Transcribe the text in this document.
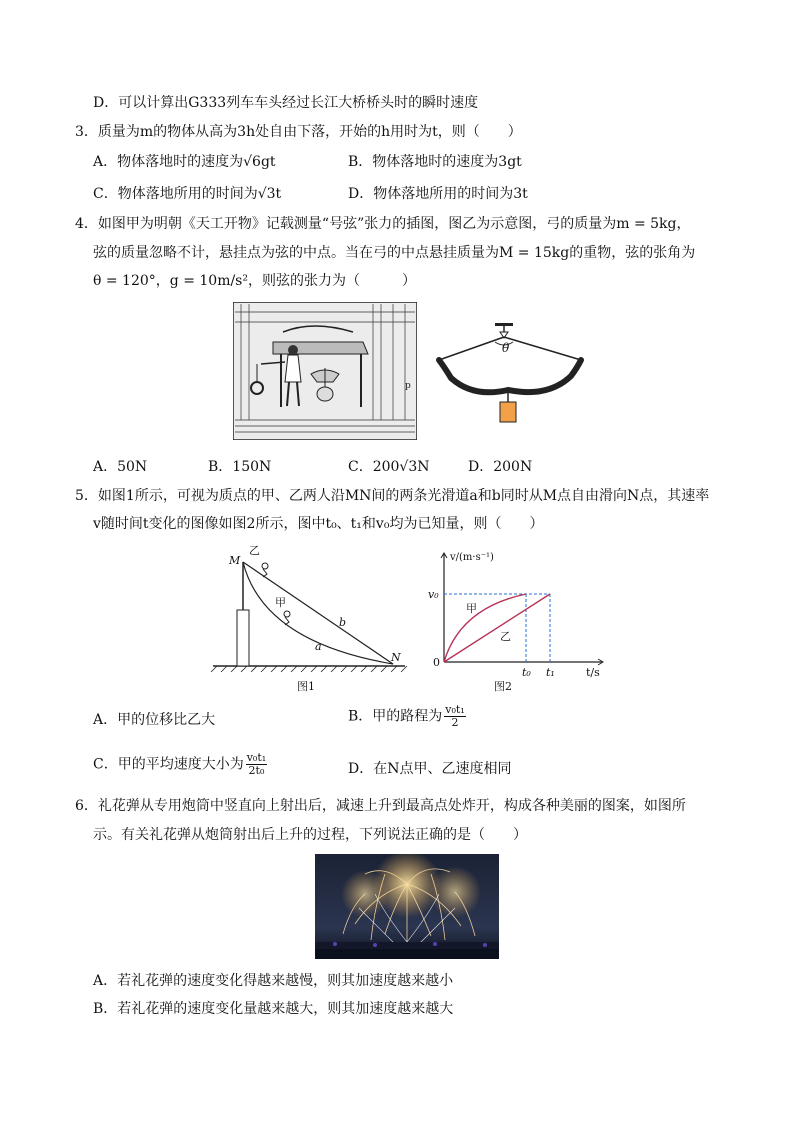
D．可以计算出G333列车车头经过长江大桥桥头时的瞬时速度
3．质量为m的物体从高为3h处自由下落，开始的h用时为t，则（　　）
A．物体落地时的速度为√6gt	B．物体落地时的速度为3gt
C．物体落地所用的时间为√3t	D．物体落地所用的时间为3t
4．如图甲为明朝《天工开物》记载测量“号弦”张力的插图，图乙为示意图，弓的质量为m = 5kg，
弦的质量忽略不计，悬挂点为弦的中点。当在弓的中点悬挂质量为M = 15kg的重物，弦的张角为
θ = 120°，g = 10m/s²，则弦的张力为（　　　）
p
θ
A．50N	B．150N	C．200√3N	D．200N
5．如图1所示，可视为质点的甲、乙两人沿MN间的两条光滑道a和b同时从M点自由滑向N点，其速率
v随时间t变化的图像如图2所示，图中t₀、t₁和v₀均为已知量，则（　　）
M
N
b
a
甲
乙
图1
v/(m·s⁻¹)
v₀
0
t₀ t₁	t/s
甲
乙
图2
A．甲的位移比乙大	B．甲的路程为 $\frac{\text{v₀t₁}}{2}$
C．甲的平均速度大小为 $\frac{\text{v₀t₁}}{\text{2t₀}}$	D．在N点甲、乙速度相同
6．礼花弹从专用炮筒中竖直向上射出后，减速上升到最高点处炸开，构成各种美丽的图案，如图所
示。有关礼花弹从炮筒射出后上升的过程，下列说法正确的是（　　）
A．若礼花弹的速度变化得越来越慢，则其加速度越来越小
B．若礼花弹的速度变化量越来越大，则其加速度越来越大
